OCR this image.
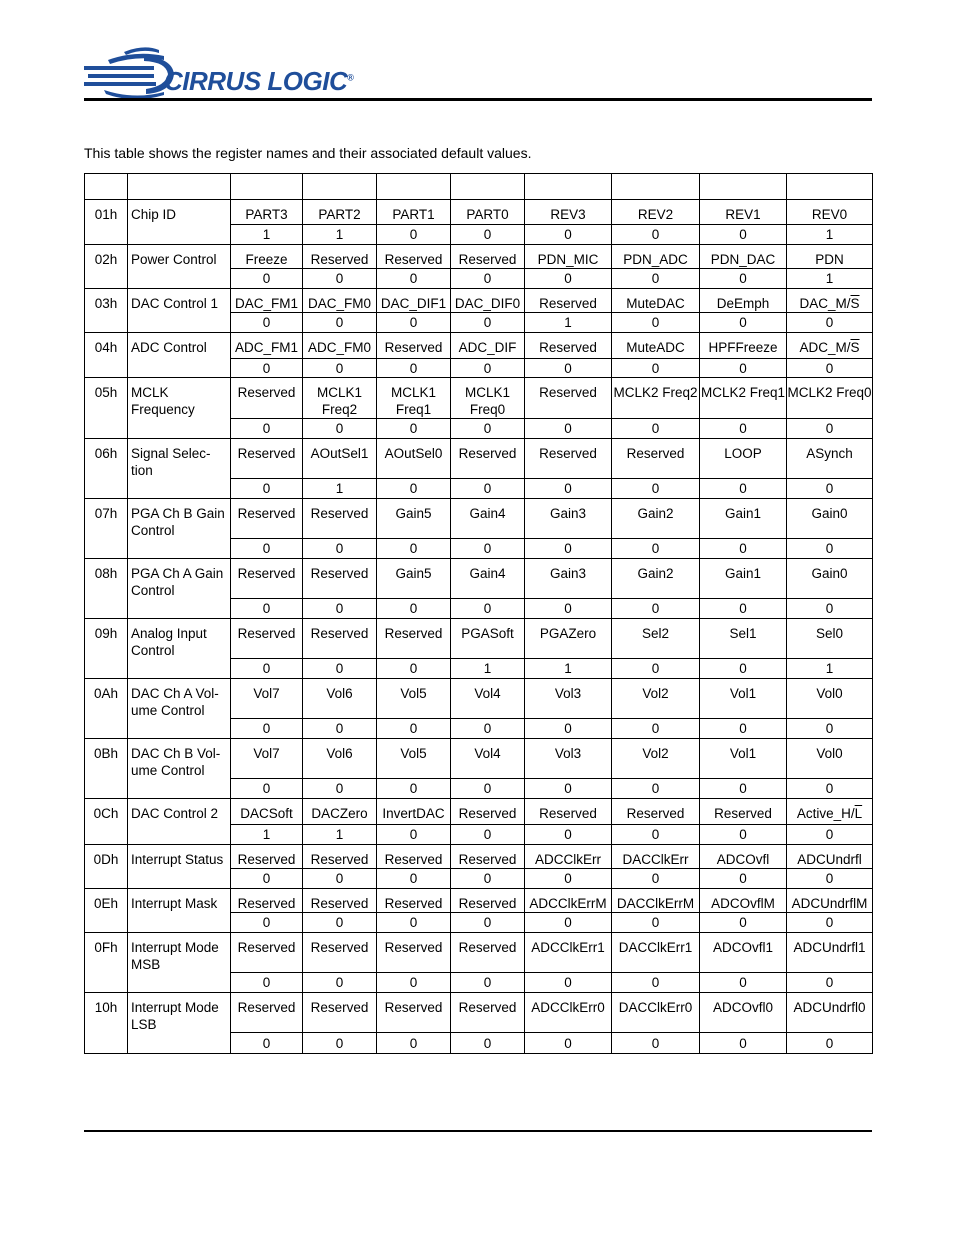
CIRRUS LOGIC®
This table shows the register names and their associated default values.

01h	Chip ID	PART3	PART2	PART1	PART0	REV3	REV2	REV1	REV0
		1	1	0	0	0	0	0	1
02h	Power Control	Freeze	Reserved	Reserved	Reserved	PDN_MIC	PDN_ADC	PDN_DAC	PDN
		0	0	0	0	0	0	0	1
03h	DAC Control 1	DAC_FM1	DAC_FM0	DAC_DIF1	DAC_DIF0	Reserved	MuteDAC	DeEmph	$DAC\_M/\overline{S}$
		0	0	0	0	1	0	0	0
04h	ADC Control	ADC_FM1	ADC_FM0	Reserved	ADC_DIF	Reserved	MuteADC	HPFFreeze	$ADC\_M/\overline{S}$
		0	0	0	0	0	0	0	0
05h	MCLK Frequency	Reserved	MCLK1 Freq2	MCLK1 Freq1	MCLK1 Freq0	Reserved	MCLK2 Freq2	MCLK2 Freq1	MCLK2 Freq0
		0	0	0	0	0	0	0	0
06h	Signal Selec-tion	Reserved	AOutSel1	AOutSel0	Reserved	Reserved	Reserved	LOOP	ASynch
		0	1	0	0	0	0	0	0
07h	PGA Ch B Gain Control	Reserved	Reserved	Gain5	Gain4	Gain3	Gain2	Gain1	Gain0
		0	0	0	0	0	0	0	0
08h	PGA Ch A Gain Control	Reserved	Reserved	Gain5	Gain4	Gain3	Gain2	Gain1	Gain0
		0	0	0	0	0	0	0	0
09h	Analog Input Control	Reserved	Reserved	Reserved	PGASoft	PGAZero	Sel2	Sel1	Sel0
		0	0	0	1	1	0	0	1
0Ah	DAC Ch A Vol-ume Control	Vol7	Vol6	Vol5	Vol4	Vol3	Vol2	Vol1	Vol0
		0	0	0	0	0	0	0	0
0Bh	DAC Ch B Vol-ume Control	Vol7	Vol6	Vol5	Vol4	Vol3	Vol2	Vol1	Vol0
		0	0	0	0	0	0	0	0
0Ch	DAC Control 2	DACSoft	DACZero	InvertDAC	Reserved	Reserved	Reserved	Reserved	$Active\_H/\overline{L}$
		1	1	0	0	0	0	0	0
0Dh	Interrupt Status	Reserved	Reserved	Reserved	Reserved	ADCClkErr	DACClkErr	ADCOvfl	ADCUndrfl
		0	0	0	0	0	0	0	0
0Eh	Interrupt Mask	Reserved	Reserved	Reserved	Reserved	ADCClkErrM	DACClkErrM	ADCOvflM	ADCUndrflM
		0	0	0	0	0	0	0	0
0Fh	Interrupt Mode MSB	Reserved	Reserved	Reserved	Reserved	ADCClkErr1	DACClkErr1	ADCOvfl1	ADCUndrfl1
		0	0	0	0	0	0	0	0
10h	Interrupt Mode LSB	Reserved	Reserved	Reserved	Reserved	ADCClkErr0	DACClkErr0	ADCOvfl0	ADCUndrfl0
		0	0	0	0	0	0	0	0
